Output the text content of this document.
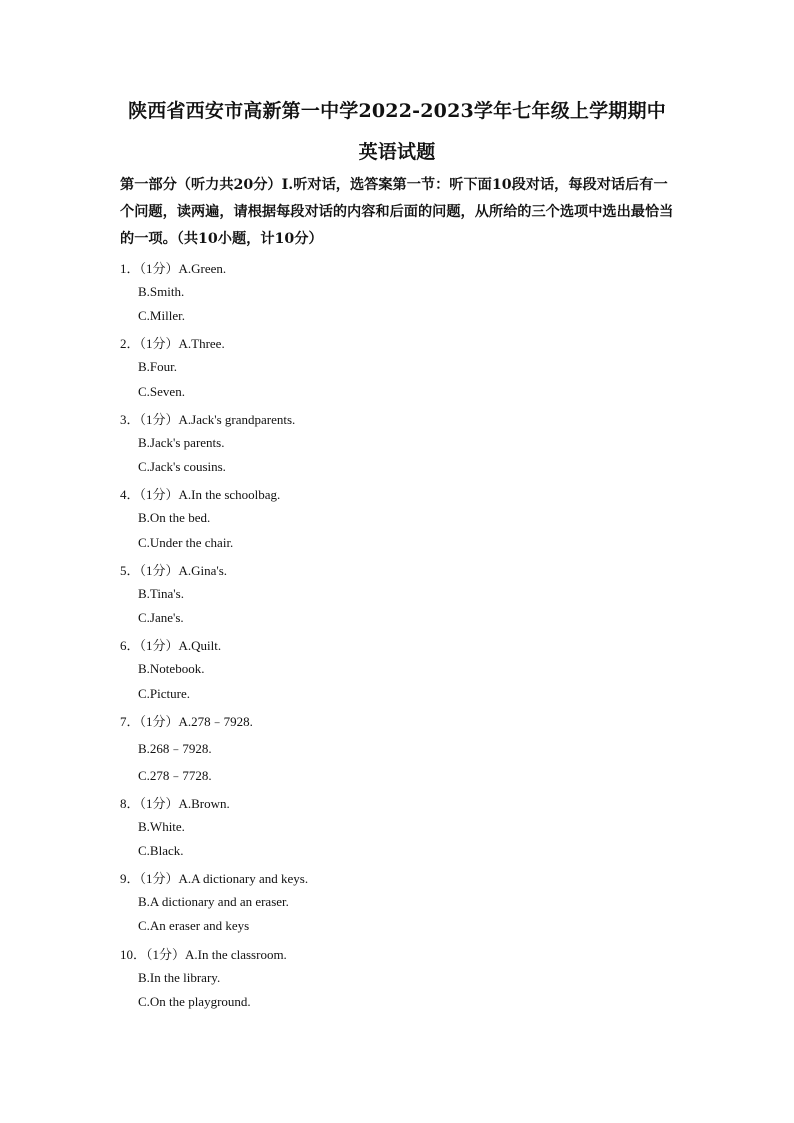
陕西省西安市高新第一中学2022-2023学年七年级上学期期中
英语试题
第一部分（听力共20分）Ⅰ.听对话，选答案第一节：听下面10段对话，每段对话后有一个问题，读两遍，请根据每段对话的内容和后面的问题，从所给的三个选项中选出最恰当的一项。（共10小题，计10分）
1．（1分）A.Green.
B.Smith.
C.Miller.
2．（1分）A.Three.
B.Four.
C.Seven.
3．（1分）A.Jack's grandparents.
B.Jack's parents.
C.Jack's cousins.
4．（1分）A.In the schoolbag.
B.On the bed.
C.Under the chair.
5．（1分）A.Gina's.
B.Tina's.
C.Jane's.
6．（1分）A.Quilt.
B.Notebook.
C.Picture.
7．（1分）A.278﹣7928.
B.268﹣7928.
C.278﹣7728.
8．（1分）A.Brown.
B.White.
C.Black.
9．（1分）A.A dictionary and keys.
B.A dictionary and an eraser.
C.An eraser and keys
10．（1分）A.In the classroom.
B.In the library.
C.On the playground.
